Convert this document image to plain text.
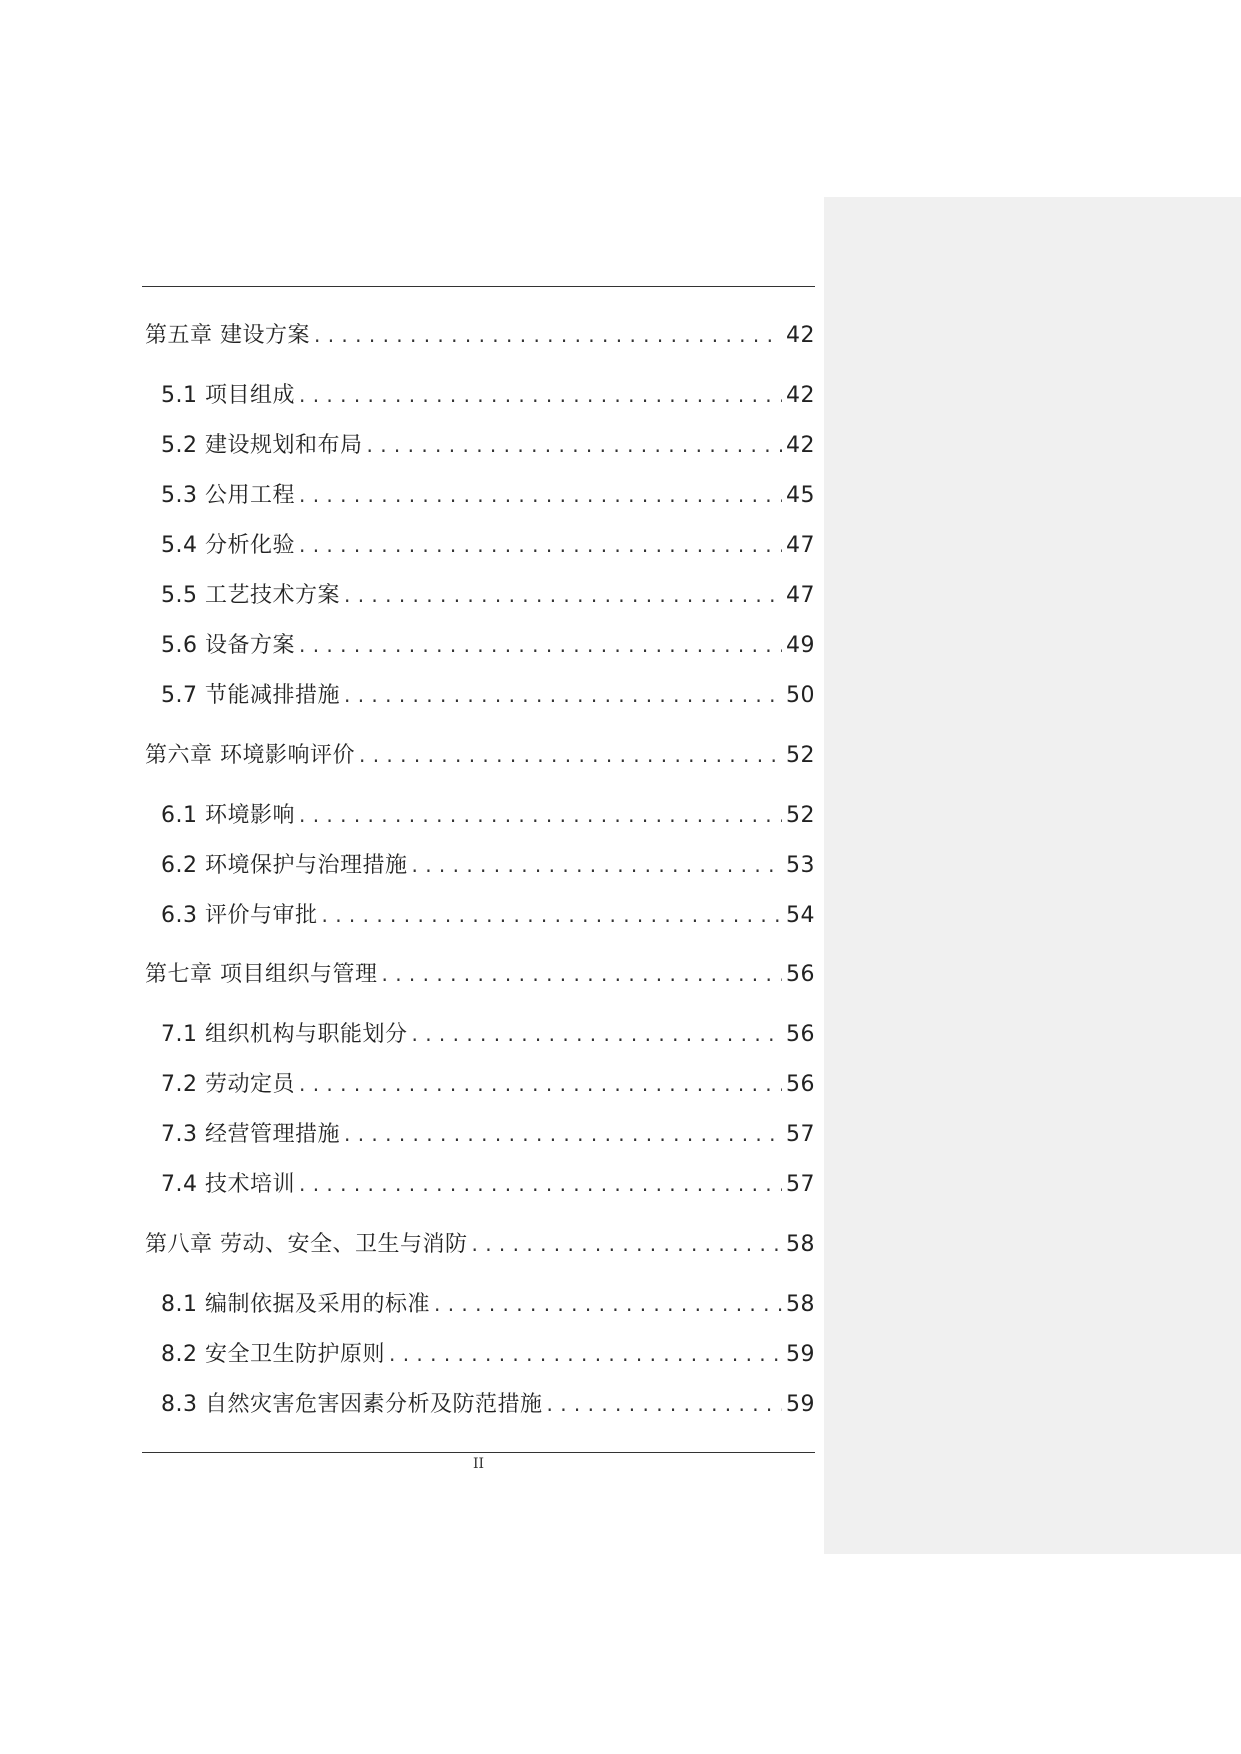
第五章 建设方案 . . .	42
5.1 项目组成 . . .	42
5.2 建设规划和布局 . . .	42
5.3 公用工程 . . .	45
5.4 分析化验 . . .	47
5.5 工艺技术方案 . . .	47
5.6 设备方案 . . .	49
5.7 节能减排措施 . . .	50
第六章 环境影响评价 . . .	52
6.1 环境影响 . . .	52
6.2 环境保护与治理措施 . . .	53
6.3 评价与审批 . . .	54
第七章 项目组织与管理 . . .	56
7.1 组织机构与职能划分 . . .	56
7.2 劳动定员 . . .	56
7.3 经营管理措施 . . .	57
7.4 技术培训 . . .	57
第八章 劳动、安全、卫生与消防 . . .	58
8.1 编制依据及采用的标准 . . .	58
8.2 安全卫生防护原则 . . .	59
8.3 自然灾害危害因素分析及防范措施 . . .	59
II
